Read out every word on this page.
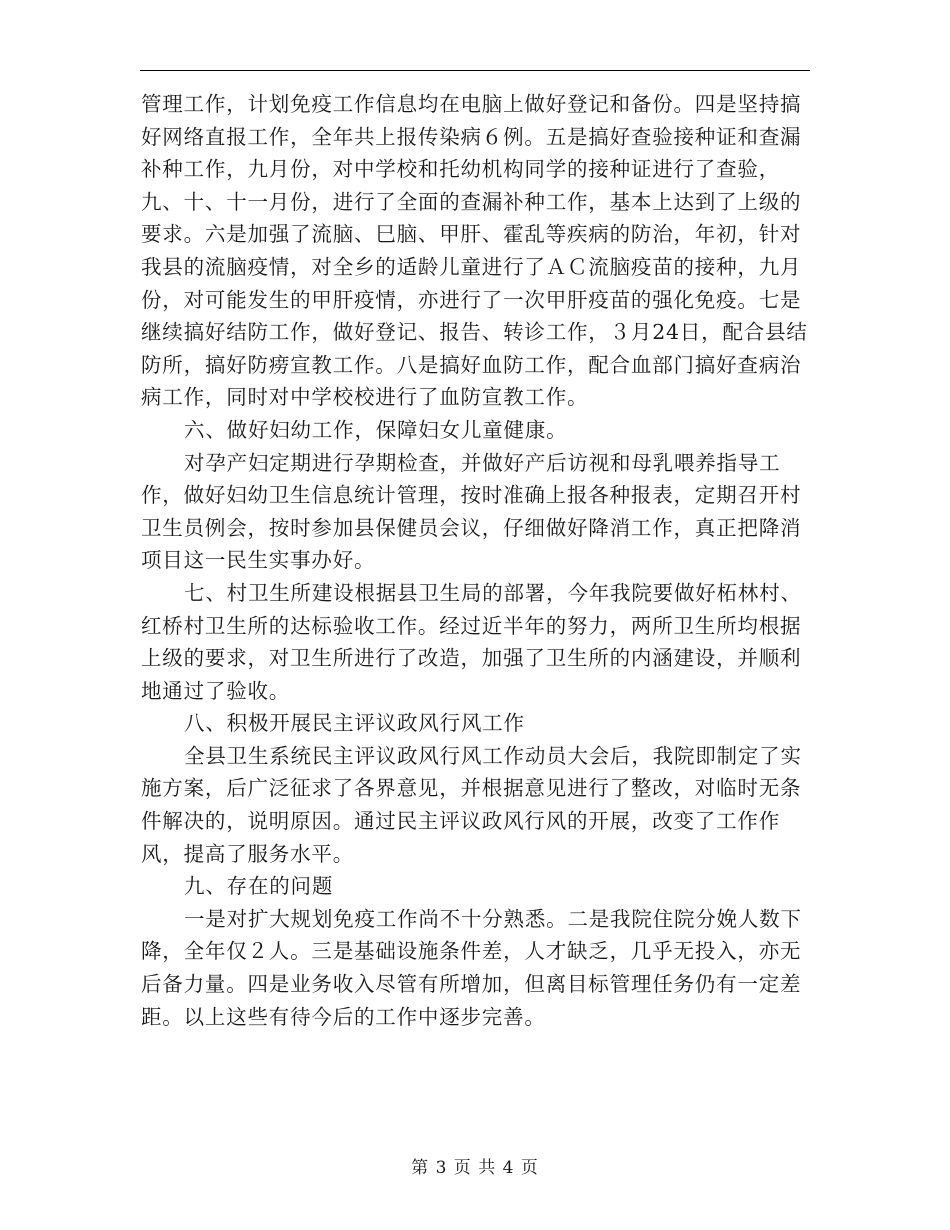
管理工作，计划免疫工作信息均在电脑上做好登记和备份。四是坚持搞好网络直报工作，全年共上报传染病６例。五是搞好查验接种证和查漏补种工作，九月份，对中学校和托幼机构同学的接种证进行了查验，九、十、十一月份，进行了全面的查漏补种工作，基本上达到了上级的要求。六是加强了流脑、巳脑、甲肝、霍乱等疾病的防治，年初，针对我县的流脑疫情，对全乡的适龄儿童进行了ＡＣ流脑疫苗的接种，九月份，对可能发生的甲肝疫情，亦进行了一次甲肝疫苗的强化免疫。七是继续搞好结防工作，做好登记、报告、转诊工作，３月24日，配合县结防所，搞好防痨宣教工作。八是搞好血防工作，配合血部门搞好查病治病工作，同时对中学校校进行了血防宣教工作。

六、做好妇幼工作，保障妇女儿童健康。

对孕产妇定期进行孕期检查，并做好产后访视和母乳喂养指导工作，做好妇幼卫生信息统计管理，按时准确上报各种报表，定期召开村卫生员例会，按时参加县保健员会议，仔细做好降消工作，真正把降消项目这一民生实事办好。

七、村卫生所建设根据县卫生局的部署，今年我院要做好柘林村、红桥村卫生所的达标验收工作。经过近半年的努力，两所卫生所均根据上级的要求，对卫生所进行了改造，加强了卫生所的内涵建设，并顺利地通过了验收。

八、积极开展民主评议政风行风工作

全县卫生系统民主评议政风行风工作动员大会后，我院即制定了实施方案，后广泛征求了各界意见，并根据意见进行了整改，对临时无条件解决的，说明原因。通过民主评议政风行风的开展，改变了工作作风，提高了服务水平。

九、存在的问题

一是对扩大规划免疫工作尚不十分熟悉。二是我院住院分娩人数下降，全年仅２人。三是基础设施条件差，人才缺乏，几乎无投入，亦无后备力量。四是业务收入尽管有所增加，但离目标管理任务仍有一定差距。以上这些有待今后的工作中逐步完善。

第 3 页 共 4 页
